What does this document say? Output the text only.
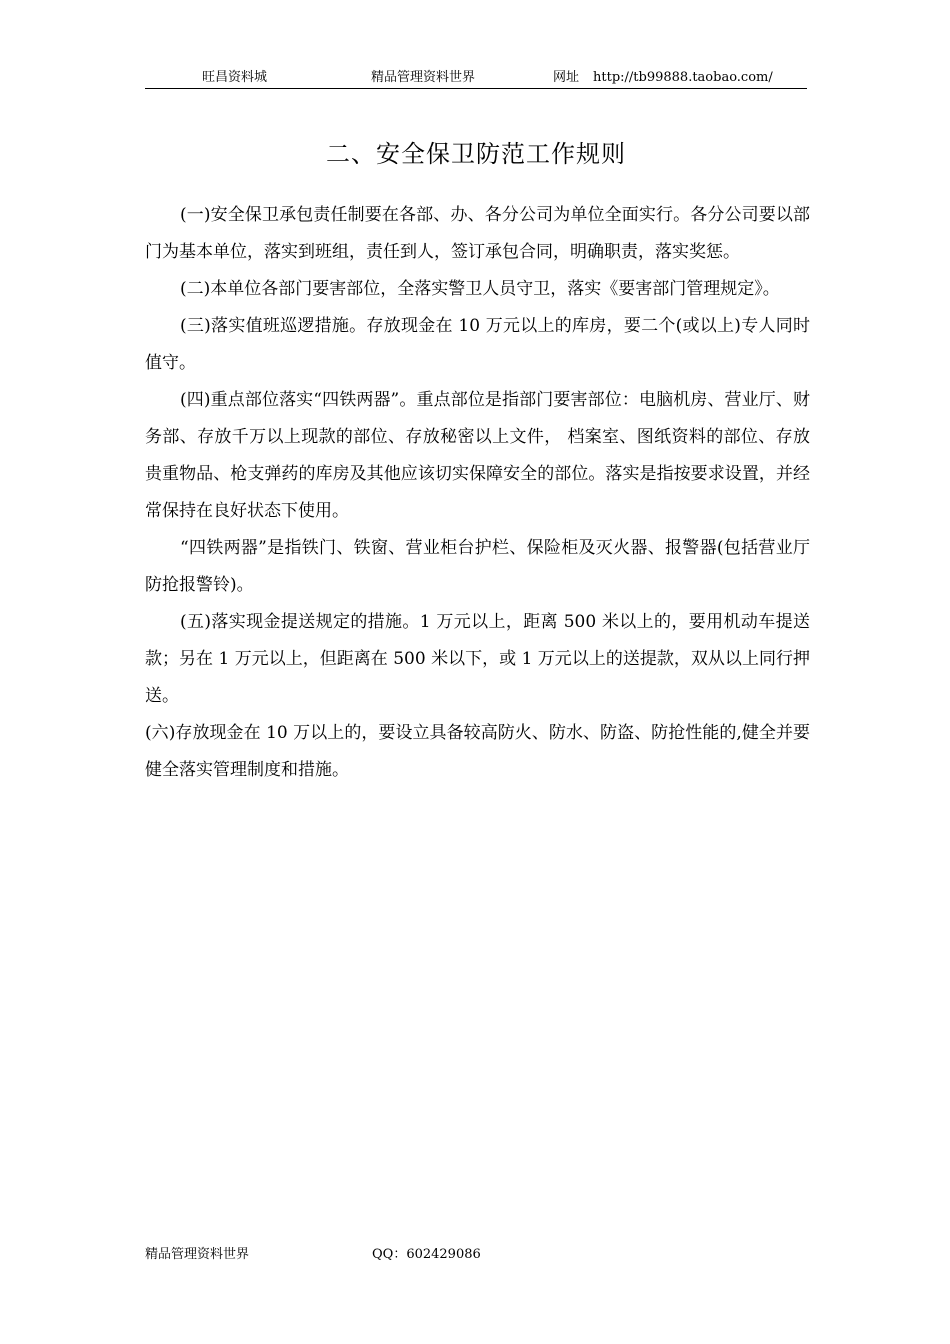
旺昌资料城	精品管理资料世界	网址 http://tb99888.taobao.com/
二、安全保卫防范工作规则

(一)安全保卫承包责任制要在各部、办、各分公司为单位全面实行。各分公司要以部门为基本单位，落实到班组，责任到人，签订承包合同，明确职责，落实奖惩。

(二)本单位各部门要害部位，全落实警卫人员守卫，落实《要害部门管理规定》。

(三)落实值班巡逻措施。存放现金在 10 万元以上的库房，要二个(或以上)专人同时值守。

(四)重点部位落实“四铁两器”。重点部位是指部门要害部位：电脑机房、营业厅、财务部、存放千万以上现款的部位、存放秘密以上文件， 档案室、图纸资料的部位、存放贵重物品、枪支弹药的库房及其他应该切实保障安全的部位。落实是指按要求设置，并经常保持在良好状态下使用。

“四铁两器”是指铁门、铁窗、营业柜台护栏、保险柜及灭火器、报警器(包括营业厅防抢报警铃)。

(五)落实现金提送规定的措施。1 万元以上，距离 500 米以上的，要用机动车提送款；另在 1 万元以上，但距离在 500 米以下，或 1 万元以上的送提款，双从以上同行押送。

(六)存放现金在 10 万以上的，要设立具备较高防火、防水、防盗、防抢性能的,健全并要健全落实管理制度和措施。

精品管理资料世界	QQ：602429086
